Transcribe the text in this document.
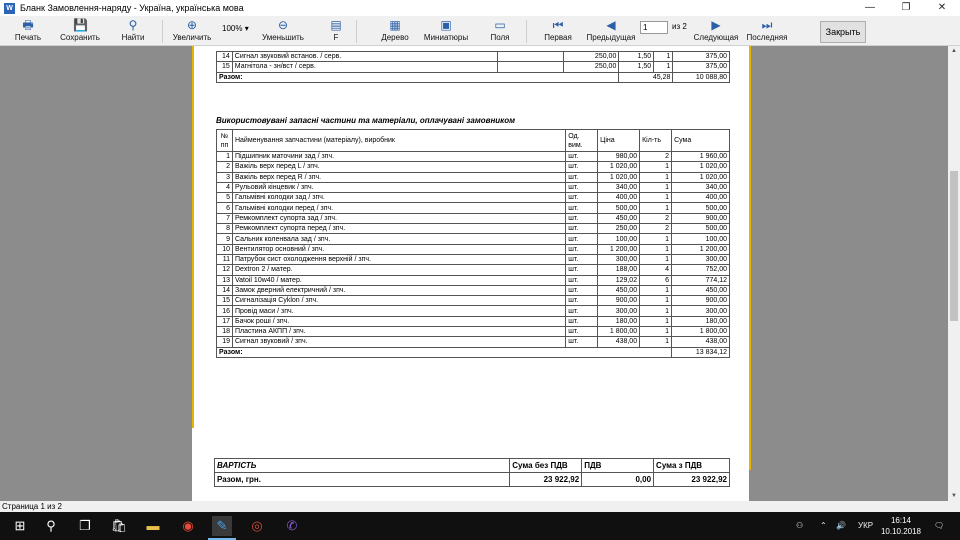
W Бланк Замовлення-наряду - Україна, українська мова	—	❐	✕
🖶
Печать
💾
Сохранить
⚲
Найти
⊕
Увеличить
100% ▾	⊖
Уменьшить
▤
F
▦
Дерево
▣
Миниатюры
▭
Поля
⏮
Первая
◀
Предыдущая
1	из 2 ▶
Следующая
⏭
Последняя
Закрыть
14	Сигнал звуковий встанов. / серв.		250,00	1,50	1	375,00
15	Магнітола - зн/вст / серв.		250,00	1,50	1	375,00
Разом:				45,28		10 088,80
Використовувані запасні частини та матеріали, оплачувані замовником
№ пп	Найменування запчастини (матеріалу), виробник	Од. вим.	Ціна	Кіл-ть	Сума
1	Підшипник маточини зад / зпч.	шт.	980,00	2	1 960,00
2	Важіль верх перед L / зпч.	шт.	1 020,00	1	1 020,00
3	Важіль верх перед R / зпч.	шт.	1 020,00	1	1 020,00
4	Рульовий кінцевик / зпч.	шт.	340,00	1	340,00
5	Гальмівні колодки зад / зпч.	шт.	400,00	1	400,00
6	Гальмівні колодки перед / зпч.	шт.	500,00	1	500,00
7	Ремкомплект супорта зад / зпч.	шт.	450,00	2	900,00
8	Ремкомплект супорта перед / зпч.	шт.	250,00	2	500,00
9	Сальник коленвала зад / зпч.	шт.	100,00	1	100,00
10	Вентилятор основний / зпч.	шт.	1 200,00	1	1 200,00
11	Патрубок сист охолодження верхній / зпч.	шт.	300,00	1	300,00
12	Dextron 2 / матер.	шт.	188,00	4	752,00
13	Vatoil 10w40 / матер.	шт.	129,02	6	774,12
14	Замок дверний електричний / зпч.	шт.	450,00	1	450,00
15	Сигналізація Cyklon / зпч.	шт.	900,00	1	900,00
16	Провід маси / зпч.	шт.	300,00	1	300,00
17	Бачок роші / зпч.	шт.	180,00	1	180,00
18	Пластина АКПП / зпч.	шт.	1 800,00	1	1 800,00
19	Сигнал звуковий / зпч.	шт.	438,00	1	438,00
Разом:					13 834,12
ВАРТІСТЬ	Сума без ПДВ	ПДВ	Сума з ПДВ
Разом, грн.	23 922,92	0,00	23 922,92
▲
▼
Страница 1 из 2
⊞	⚲	❐	🛍 ▬	◉	✎	◎	✆	⚇ ⌃ 🔊 УКР
16:14
10.10.2018
🗨
